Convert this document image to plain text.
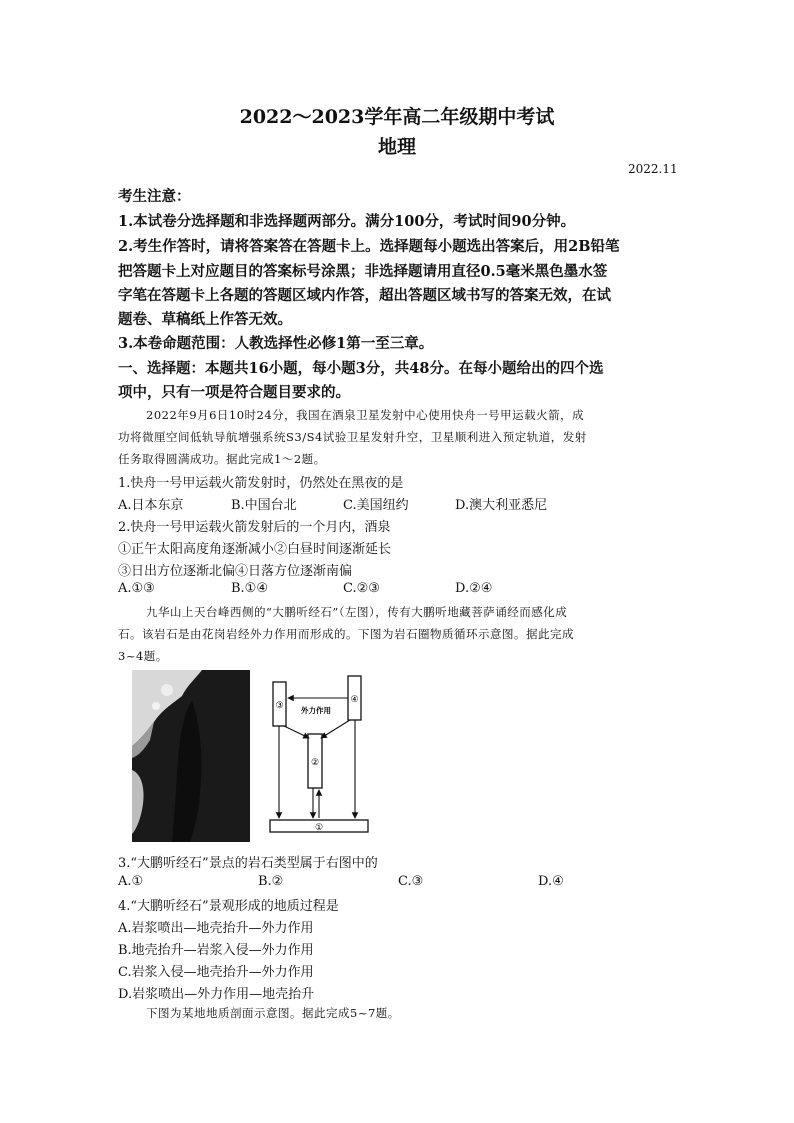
2022～2023学年高二年级期中考试
地理
2022.11
考生注意：
1.本试卷分选择题和非选择题两部分。满分100分，考试时间90分钟。
2.考生作答时，请将答案答在答题卡上。选择题每小题选出答案后，用2B铅笔
把答题卡上对应题目的答案标号涂黑；非选择题请用直径0.5毫米黑色墨水签
字笔在答题卡上各题的答题区域内作答，超出答题区域书写的答案无效，在试
题卷、草稿纸上作答无效。
3.本卷命题范围：人教选择性必修1第一至三章。
一、选择题：本题共16小题，每小题3分，共48分。在每小题给出的四个选
项中，只有一项是符合题目要求的。
2022年9月6日10时24分，我国在酒泉卫星发射中心使用快舟一号甲运载火箭，成
功将微厘空间低轨导航增强系统S3/S4试验卫星发射升空，卫星顺利进入预定轨道，发射
任务取得圆满成功。据此完成1～2题。
1.快舟一号甲运载火箭发射时，仍然处在黑夜的是
A.日本东京	B.中国台北	C.美国纽约	D.澳大利亚悉尼
2.快舟一号甲运载火箭发射后的一个月内，酒泉
①正午太阳高度角逐渐减小②白昼时间逐渐延长
③日出方位逐渐北偏④日落方位逐渐南偏
A.①③	B.①④	C.②③	D.②④
九华山上天台峰西侧的“大鹏听经石”（左图），传有大鹏听地藏菩萨诵经而感化成
石。该岩石是由花岗岩经外力作用而形成的。下图为岩石圈物质循环示意图。据此完成
3~4题。
③
④
②
①
外力作用
3.“大鹏听经石”景点的岩石类型属于右图中的
A.①	B.②	C.③	D.④
4.“大鹏听经石”景观形成的地质过程是
A.岩浆喷出—地壳抬升—外力作用
B.地壳抬升—岩浆入侵—外力作用
C.岩浆入侵—地壳抬升—外力作用
D.岩浆喷出—外力作用—地壳抬升
下图为某地地质剖面示意图。据此完成5~7题。
